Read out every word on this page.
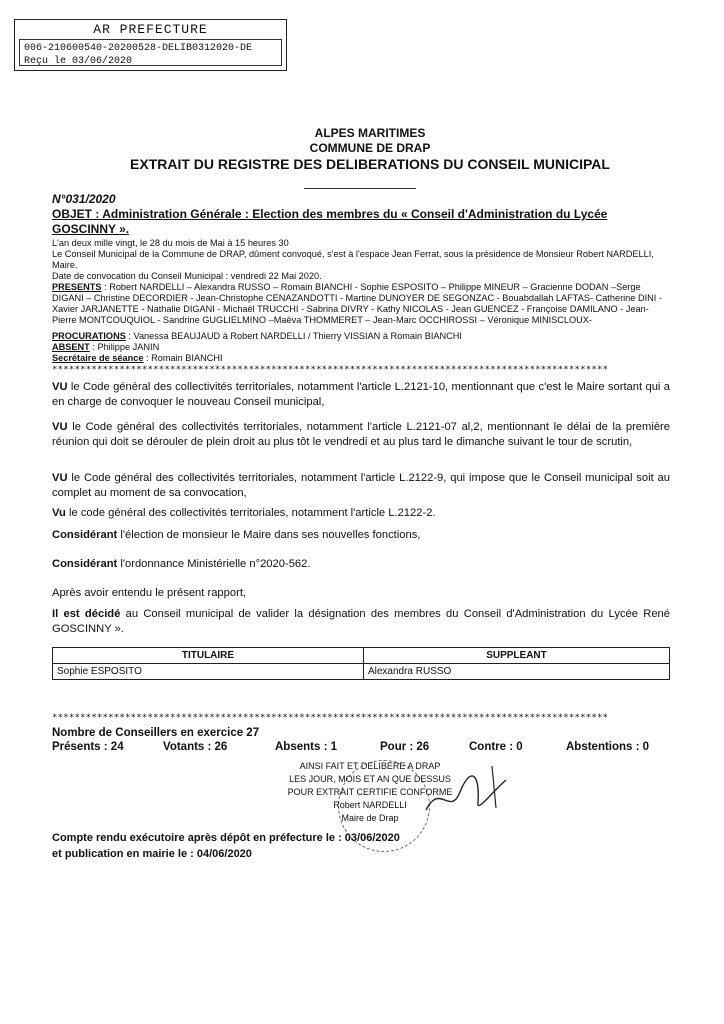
AR PREFECTURE
006-210600540-20200528-DELIB0312020-DE
Reçu le 03/06/2020
ALPES MARITIMES
COMMUNE DE DRAP
EXTRAIT DU REGISTRE DES DELIBERATIONS DU CONSEIL MUNICIPAL
N°031/2020
OBJET : Administration Générale : Election des membres du « Conseil d'Administration du Lycée GOSCINNY ».
L'an deux mille vingt, le 28 du mois de Mai à 15 heures 30
Le Conseil Municipal de la Commune de DRAP, dûment convoqué, s'est à l'espace Jean Ferrat, sous la présidence de Monsieur Robert NARDELLI, Maire.
Date de convocation du Conseil Municipal : vendredi 22 Mai 2020.
PRESENTS : Robert NARDELLI – Alexandra RUSSO – Romain BIANCHI - Sophie ESPOSITO – Philippe MINEUR – Gracienne DODAN –Serge DIGANI – Christine DECORDIER - Jean-Christophe CENAZANDOTTI - Martine DUNOYER DE SEGONZAC - Bouabdallah LAFTAS- Catherine DINI - Xavier JARJANETTE - Nathalie DIGANI - Michaël TRUCCHI - Sabrina DIVRY - Kathy NICOLAS - Jean GUENCEZ - Françoise DAMILANO - Jean-Pierre MONTCOUQUIOL - Sandrine GUGLIELMINO –Maëva THOMMERET – Jean-Marc OCCHIROSSI – Véronique MINISCLOUX-
PROCURATIONS : Vanessa BEAUJAUD à Robert NARDELLI / Thierry VISSIAN à Romain BIANCHI
ABSENT : Philippe JANIN
Secrétaire de séance : Romain BIANCHI
***************************************************************************************************
VU le Code général des collectivités territoriales, notamment l'article L.2121-10, mentionnant que c'est le Maire sortant qui a en charge de convoquer le nouveau Conseil municipal,
VU le Code général des collectivités territoriales, notamment l'article L.2121-07 al,2, mentionnant le délai de la première réunion qui doit se dérouler de plein droit au plus tôt le vendredi et au plus tard le dimanche suivant le tour de scrutin,
VU le Code général des collectivités territoriales, notamment l'article L.2122-9, qui impose que le Conseil municipal soit au complet au moment de sa convocation,
Vu le code général des collectivités territoriales, notamment l'article L.2122-2.
Considérant l'élection de monsieur le Maire dans ses nouvelles fonctions,
Considérant l'ordonnance Ministérielle n°2020-562.
Après avoir entendu le présent rapport,
Il est décidé au Conseil municipal de valider la désignation des membres du Conseil d'Administration du Lycée René GOSCINNY ».
TITULAIRE	SUPPLEANT
Sophie ESPOSITO	Alexandra RUSSO
***************************************************************************************************
Nombre de Conseillers en exercice 27
Présents : 24	Votants : 26	Absents : 1	Pour : 26	Contre : 0	Abstentions : 0
AINSI FAIT ET DELIBERE A DRAP
LES JOUR, MOIS ET AN QUE DESSUS
POUR EXTRAIT CERTIFIE CONFORME
Robert NARDELLI
Maire de Drap
Compte rendu exécutoire après dépôt en préfecture le : 03/06/2020
et publication en mairie le : 04/06/2020
